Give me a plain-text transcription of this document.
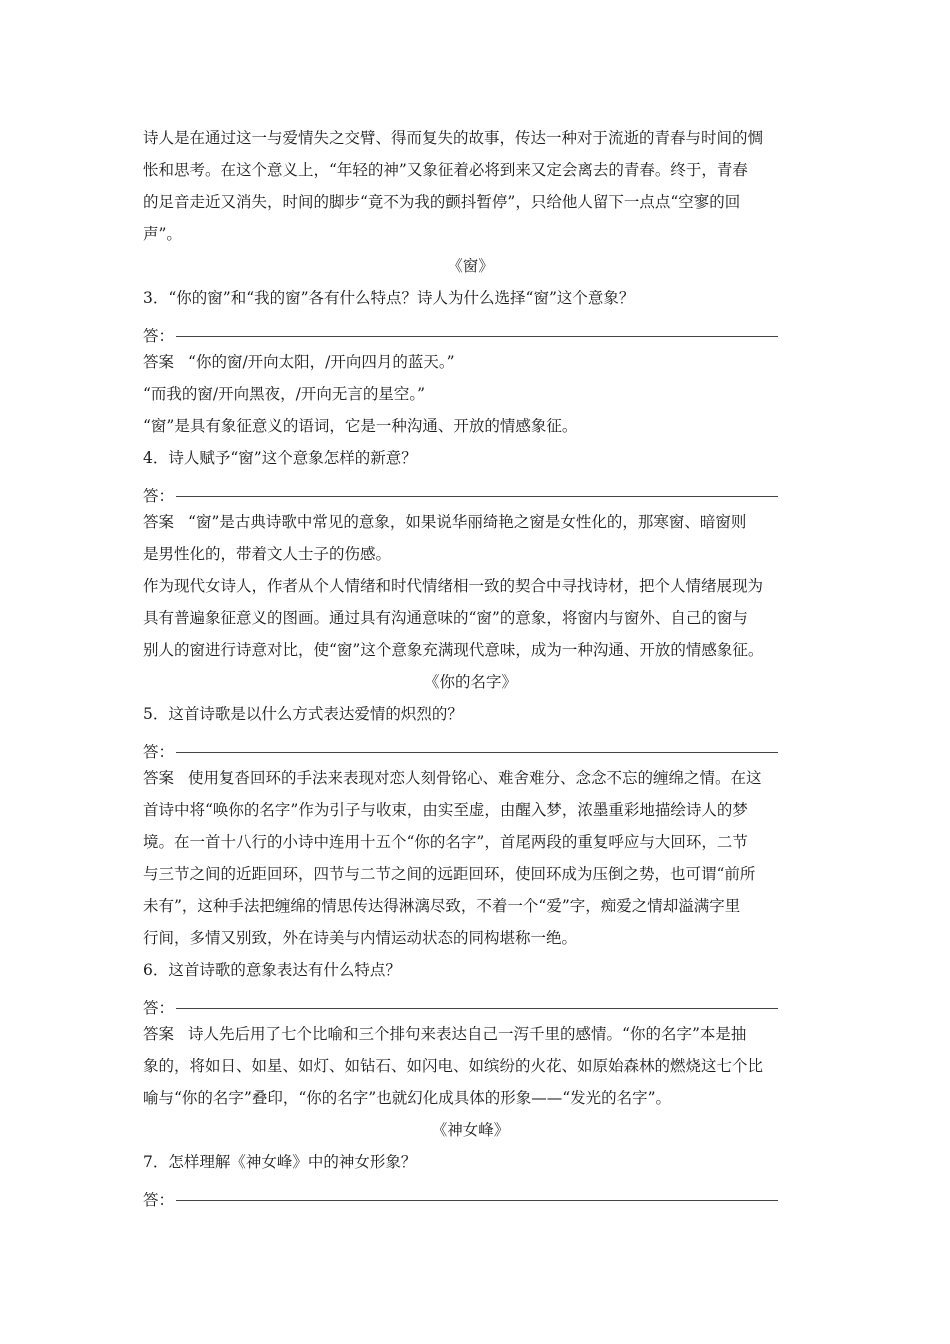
诗人是在通过这一与爱情失之交臂、得而复失的故事，传达一种对于流逝的青春与时间的惆

怅和思考。在这个意义上，“年轻的神”又象征着必将到来又定会离去的青春。终于，青春

的足音走近又消失，时间的脚步“竟不为我的颤抖暂停”，只给他人留下一点点“空寥的回

声”。

《窗》

3．“你的窗”和“我的窗”各有什么特点？诗人为什么选择“窗”这个意象？

答：

答案 “你的窗/开向太阳，/开向四月的蓝天。”

“而我的窗/开向黑夜，/开向无言的星空。”

“窗”是具有象征意义的语词，它是一种沟通、开放的情感象征。

4．诗人赋予“窗”这个意象怎样的新意？

答：

答案 “窗”是古典诗歌中常见的意象，如果说华丽绮艳之窗是女性化的，那寒窗、暗窗则

是男性化的，带着文人士子的伤感。

作为现代女诗人，作者从个人情绪和时代情绪相一致的契合中寻找诗材，把个人情绪展现为

具有普遍象征意义的图画。通过具有沟通意味的“窗”的意象，将窗内与窗外、自己的窗与

别人的窗进行诗意对比，使“窗”这个意象充满现代意味，成为一种沟通、开放的情感象征。

《你的名字》

5．这首诗歌是以什么方式表达爱情的炽烈的？

答：

答案 使用复沓回环的手法来表现对恋人刻骨铭心、难舍难分、念念不忘的缠绵之情。在这

首诗中将“唤你的名字”作为引子与收束，由实至虚，由醒入梦，浓墨重彩地描绘诗人的梦

境。在一首十八行的小诗中连用十五个“你的名字”，首尾两段的重复呼应与大回环，二节

与三节之间的近距回环，四节与二节之间的远距回环，使回环成为压倒之势，也可谓“前所

未有”，这种手法把缠绵的情思传达得淋漓尽致，不着一个“爱”字，痴爱之情却溢满字里

行间，多情又别致，外在诗美与内情运动状态的同构堪称一绝。

6．这首诗歌的意象表达有什么特点？

答：

答案 诗人先后用了七个比喻和三个排句来表达自己一泻千里的感情。“你的名字”本是抽

象的，将如日、如星、如灯、如钻石、如闪电、如缤纷的火花、如原始森林的燃烧这七个比

喻与“你的名字”叠印，“你的名字”也就幻化成具体的形象——“发光的名字”。

《神女峰》

7．怎样理解《神女峰》中的神女形象？

答：
